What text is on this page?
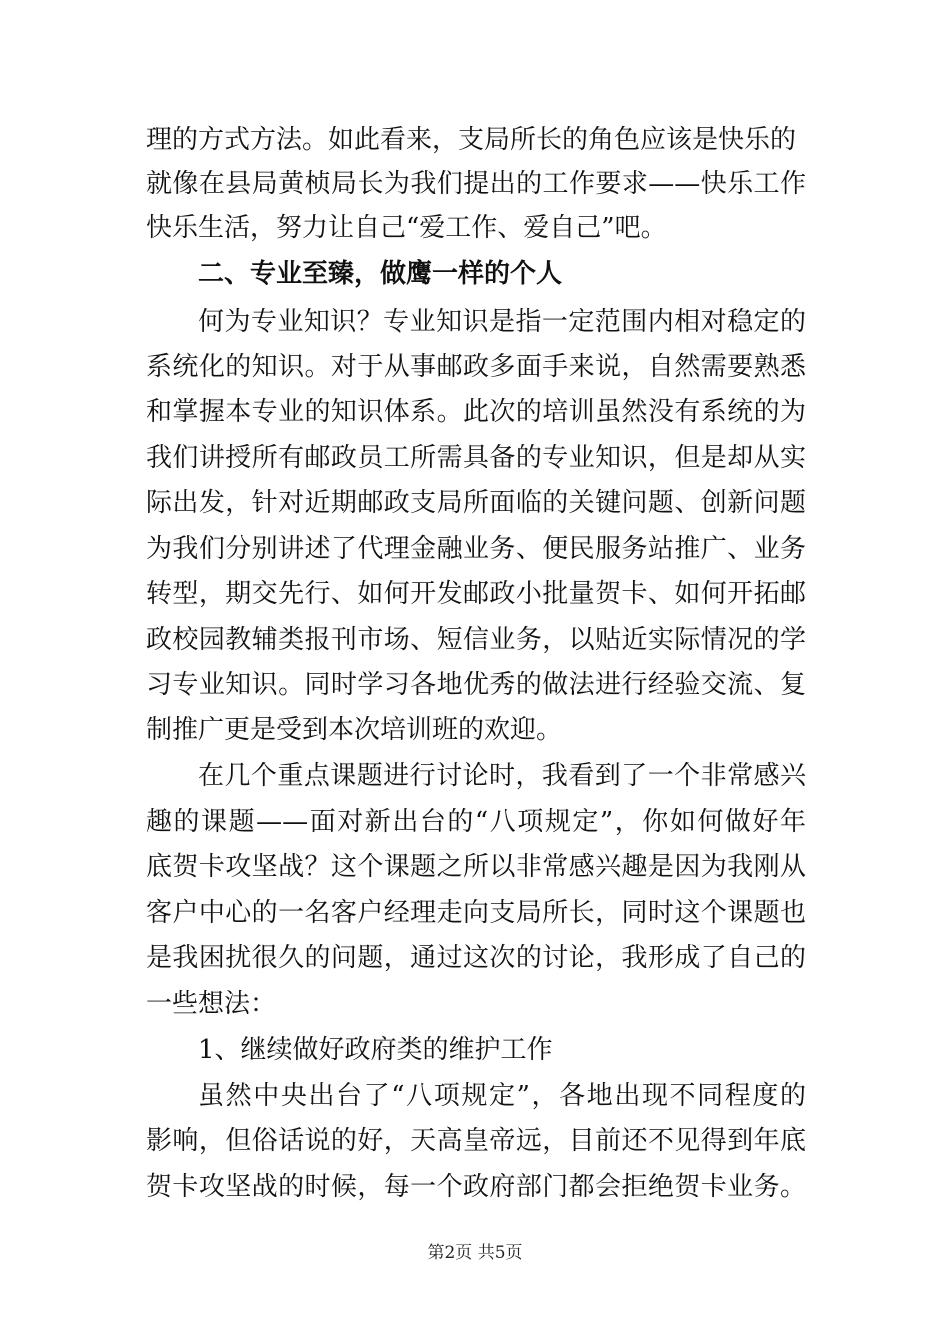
理的方式方法。如此看来，支局所长的角色应该是快乐的
就像在县局黄桢局长为我们提出的工作要求——快乐工作
快乐生活，努力让自己“爱工作、爱自己”吧。
二、专业至臻，做鹰一样的个人
何为专业知识？专业知识是指一定范围内相对稳定的
系统化的知识。对于从事邮政多面手来说，自然需要熟悉
和掌握本专业的知识体系。此次的培训虽然没有系统的为
我们讲授所有邮政员工所需具备的专业知识，但是却从实
际出发，针对近期邮政支局所面临的关键问题、创新问题
为我们分别讲述了代理金融业务、便民服务站推广、业务
转型，期交先行、如何开发邮政小批量贺卡、如何开拓邮
政校园教辅类报刊市场、短信业务，以贴近实际情况的学
习专业知识。同时学习各地优秀的做法进行经验交流、复
制推广更是受到本次培训班的欢迎。
在几个重点课题进行讨论时，我看到了一个非常感兴
趣的课题——面对新出台的“八项规定”，你如何做好年
底贺卡攻坚战？这个课题之所以非常感兴趣是因为我刚从
客户中心的一名客户经理走向支局所长，同时这个课题也
是我困扰很久的问题，通过这次的讨论，我形成了自己的
一些想法：
1、继续做好政府类的维护工作
虽然中央出台了“八项规定”，各地出现不同程度的
影响，但俗话说的好，天高皇帝远，目前还不见得到年底
贺卡攻坚战的时候，每一个政府部门都会拒绝贺卡业务。
第2页 共5页
